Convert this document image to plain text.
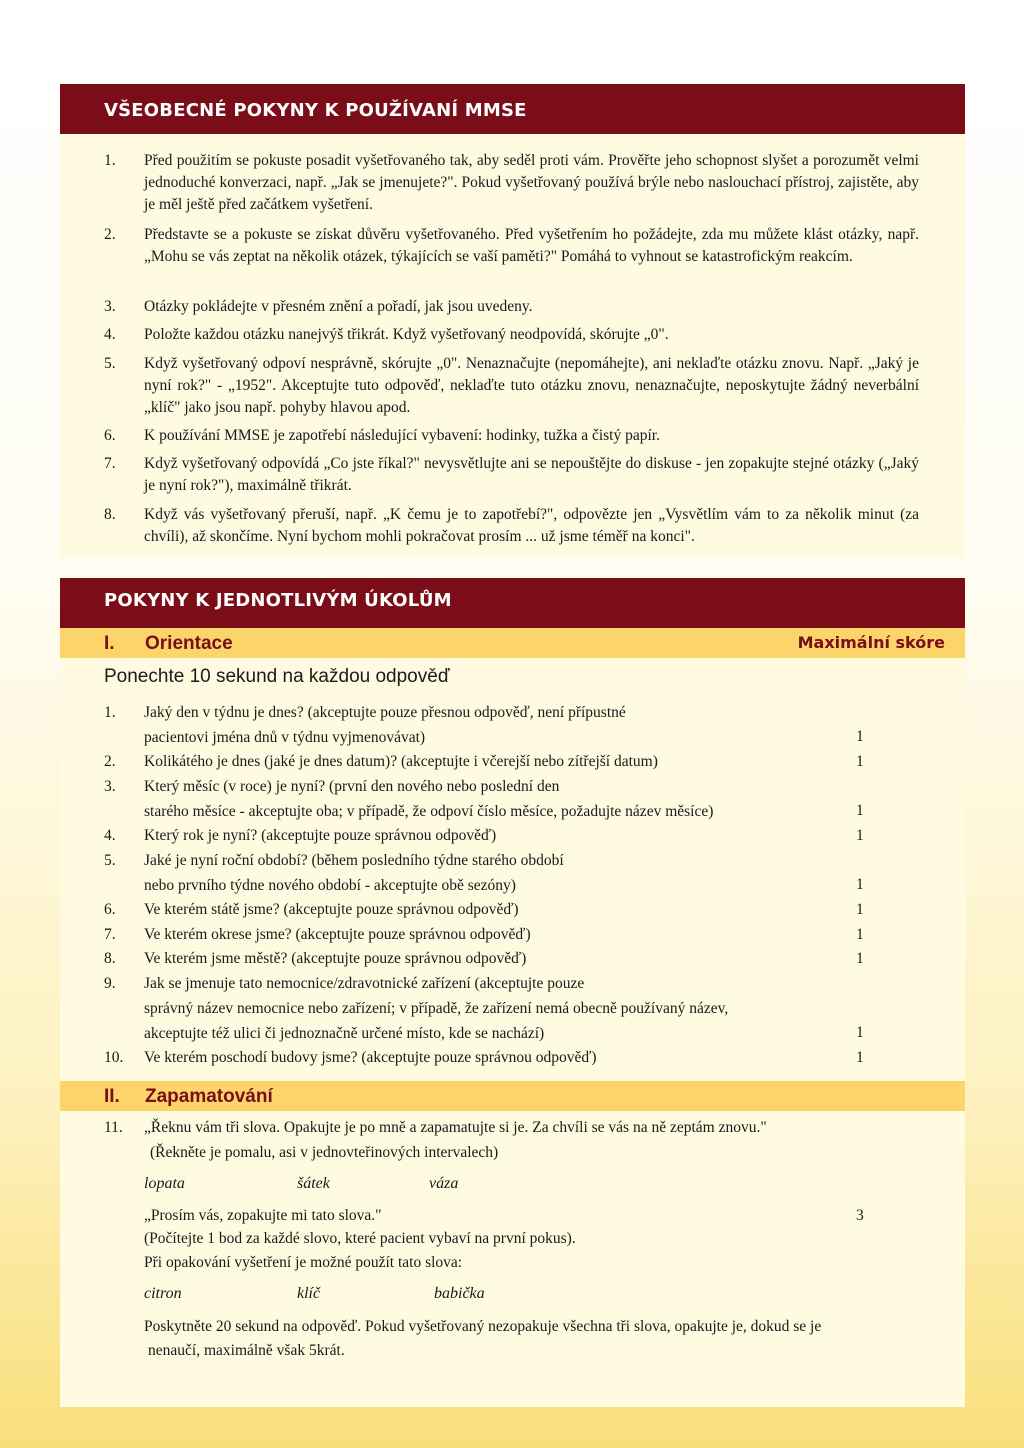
VŠEOBECNÉ POKYNY K POUŽÍVANÍ MMSE
1.	Před použitím se pokuste posadit vyšetřovaného tak, aby seděl proti vám. Prověřte jeho schopnost slyšet a porozumět velmi jednoduché konverzaci, např. „Jak se jmenujete?". Pokud vyšetřovaný používá brýle nebo naslouchací přístroj, zajistěte, aby je měl ještě před začátkem vyšetření.
2.	Představte se a pokuste se získat důvěru vyšetřovaného. Před vyšetřením ho požádejte, zda mu můžete klást otázky, např. „Mohu se vás zeptat na několik otázek, týkajících se vaší paměti?" Pomáhá to vyhnout se katastrofickým reakcím.
3.	Otázky pokládejte v přesném znění a pořadí, jak jsou uvedeny.
4.	Položte každou otázku nanejvýš třikrát. Když vyšetřovaný neodpovídá, skórujte „0".
5.	Když vyšetřovaný odpoví nesprávně, skórujte „0". Nenaznačujte (nepomáhejte), ani neklaďte otázku znovu. Např. „Jaký je nyní rok?" - „1952". Akceptujte tuto odpověď, neklaďte tuto otázku znovu, nenaznačujte, neposkytujte žádný neverbální „klíč" jako jsou např. pohyby hlavou apod.
6.	K používání MMSE je zapotřebí následující vybavení: hodinky, tužka a čistý papír.
7.	Když vyšetřovaný odpovídá „Co jste říkal?" nevysvětlujte ani se nepouštějte do diskuse - jen zopakujte stejné otázky („Jaký je nyní rok?"), maximálně třikrát.
8.	Když vás vyšetřovaný přeruší, např. „K čemu je to zapotřebí?", odpovězte jen „Vysvětlím vám to za několik minut (za chvíli), až skončíme. Nyní bychom mohli pokračovat prosím ... už jsme téměř na konci".
POKYNY K JEDNOTLIVÝM ÚKOLŮM
I. Orientace	Maximální skóre
Ponechte 10 sekund na každou odpověď
1.	Jaký den v týdnu je dnes? (akceptujte pouze přesnou odpověď, není přípustné
pacientovi jména dnů v týdnu vyjmenovávat)	1
2.	Kolikátého je dnes (jaké je dnes datum)? (akceptujte i včerejší nebo zítřejší datum)	1
3.	Který měsíc (v roce) je nyní? (první den nového nebo poslední den
starého měsíce - akceptujte oba; v případě, že odpoví číslo měsíce, požadujte název měsíce)	1
4.	Který rok je nyní? (akceptujte pouze správnou odpověď)	1
5.	Jaké je nyní roční období? (během posledního týdne starého období
nebo prvního týdne nového období - akceptujte obě sezóny)	1
6.	Ve kterém státě jsme? (akceptujte pouze správnou odpověď)	1
7.	Ve kterém okrese jsme? (akceptujte pouze správnou odpověď)	1
8.	Ve kterém jsme městě? (akceptujte pouze správnou odpověď)	1
9.	Jak se jmenuje tato nemocnice/zdravotnické zařízení (akceptujte pouze
správný název nemocnice nebo zařízení; v případě, že zařízení nemá obecně používaný název,
akceptujte též ulici či jednoznačně určené místo, kde se nachází)	1
10.	Ve kterém poschodí budovy jsme? (akceptujte pouze správnou odpověď)	1
II. Zapamatování
11. „Řeknu vám tři slova. Opakujte je po mně a zapamatujte si je. Za chvíli se vás na ně zeptám znovu."
(Řekněte je pomalu, asi v jednovteřinových intervalech)
lopata	šátek	váza
„Prosím vás, zopakujte mi tato slova."	3
(Počítejte 1 bod za každé slovo, které pacient vybaví na první pokus).
Při opakování vyšetření je možné použít tato slova:
citron	klíč	babička
Poskytněte 20 sekund na odpověď. Pokud vyšetřovaný nezopakuje všechna tři slova, opakujte je, dokud se je
nenaučí, maximálně však 5krát.
